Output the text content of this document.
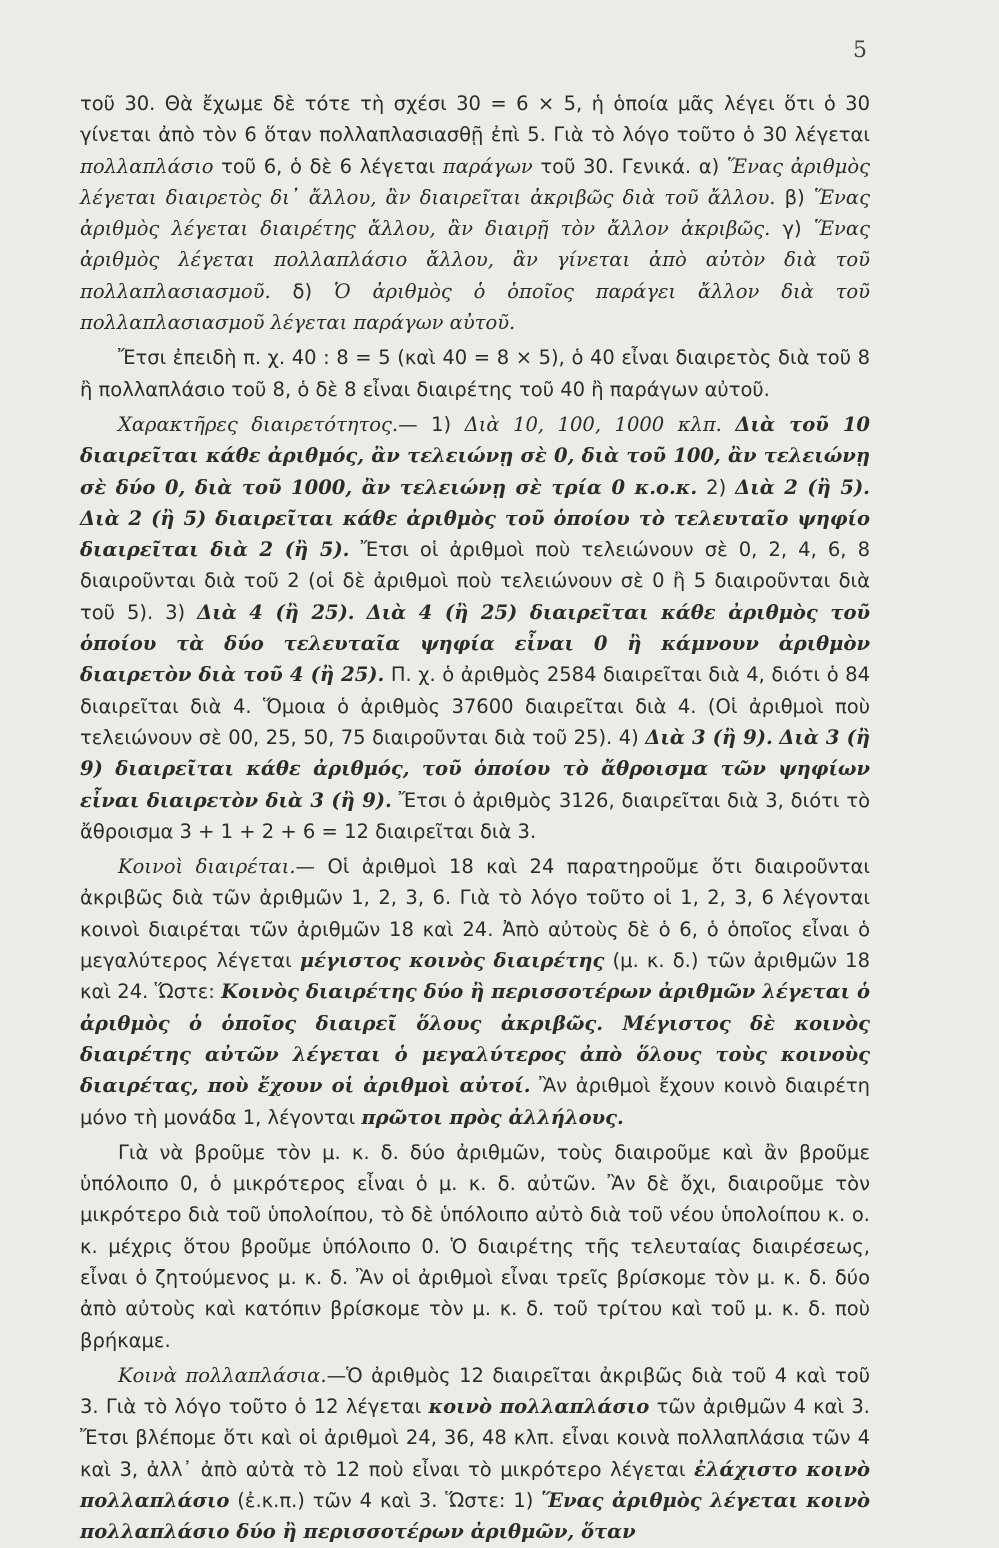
5

τοῦ 30. Θὰ ἔχωμε δὲ τότε τὴ σχέσι 30 = 6 × 5, ἡ ὁποία μᾶς λέγει ὅτι ὁ 30 γίνεται ἀπὸ τὸν 6 ὅταν πολλαπλασιασθῇ ἐπὶ 5. Γιὰ τὸ λόγο τοῦτο ὁ 30 λέγεται πολλαπλάσιο τοῦ 6, ὁ δὲ 6 λέγεται παράγων τοῦ 30. Γενικά. α) Ἕνας ἀριθμὸς λέγεται διαιρετὸς δι᾽ ἄλλου, ἂν διαιρεῖται ἀκριβῶς διὰ τοῦ ἄλλου. β) Ἕνας ἀριθμὸς λέγεται διαιρέτης ἄλλου, ἂν διαιρῇ τὸν ἄλλον ἀκριβῶς. γ) Ἕνας ἀριθμὸς λέγεται πολλαπλάσιο ἄλλου, ἂν γίνεται ἀπὸ αὐτὸν διὰ τοῦ πολλαπλασιασμοῦ. δ) Ὁ ἀριθμὸς ὁ ὁποῖος παράγει ἄλλον διὰ τοῦ πολλαπλασιασμοῦ λέγεται παράγων αὐτοῦ.

Ἔτσι ἐπειδὴ π. χ. 40 : 8 = 5 (καὶ 40 = 8 × 5), ὁ 40 εἶναι διαιρετὸς διὰ τοῦ 8 ἢ πολλαπλάσιο τοῦ 8, ὁ δὲ 8 εἶναι διαιρέτης τοῦ 40 ἢ παράγων αὐτοῦ.

Χαρακτῆρες διαιρετότητος.— 1) Διὰ 10, 100, 1000 κλπ. Διὰ τοῦ 10 διαιρεῖται κάθε ἀριθμός, ἂν τελειώνῃ σὲ 0, διὰ τοῦ 100, ἂν τελειώνῃ σὲ δύο 0, διὰ τοῦ 1000, ἂν τελειώνῃ σὲ τρία 0 κ.ο.κ. 2) Διὰ 2 (ἢ 5). Διὰ 2 (ἢ 5) διαιρεῖται κάθε ἀριθμὸς τοῦ ὁποίου τὸ τελευταῖο ψηφίο διαιρεῖται διὰ 2 (ἢ 5). Ἔτσι οἱ ἀριθμοὶ ποὺ τελειώνουν σὲ 0, 2, 4, 6, 8 διαιροῦνται διὰ τοῦ 2 (οἱ δὲ ἀριθμοὶ ποὺ τελειώνουν σὲ 0 ἢ 5 διαιροῦνται διὰ τοῦ 5). 3) Διὰ 4 (ἢ 25). Διὰ 4 (ἢ 25) διαιρεῖται κάθε ἀριθμὸς τοῦ ὁποίου τὰ δύο τελευταῖα ψηφία εἶναι 0 ἢ κάμνουν ἀριθμὸν διαιρετὸν διὰ τοῦ 4 (ἢ 25). Π. χ. ὁ ἀριθμὸς 2584 διαιρεῖται διὰ 4, διότι ὁ 84 διαιρεῖται διὰ 4. Ὅμοια ὁ ἀριθμὸς 37600 διαιρεῖται διὰ 4. (Οἱ ἀριθμοὶ ποὺ τελειώνουν σὲ 00, 25, 50, 75 διαιροῦνται διὰ τοῦ 25). 4) Διὰ 3 (ἢ 9). Διὰ 3 (ἢ 9) διαιρεῖται κάθε ἀριθμός, τοῦ ὁποίου τὸ ἄθροισμα τῶν ψηφίων εἶναι διαιρετὸν διὰ 3 (ἢ 9). Ἔτσι ὁ ἀριθμὸς 3126, διαιρεῖται διὰ 3, διότι τὸ ἄθροισμα 3 + 1 + 2 + 6 = 12 διαιρεῖται διὰ 3.

Κοινοὶ διαιρέται.— Οἱ ἀριθμοὶ 18 καὶ 24 παρατηροῦμε ὅτι διαιροῦνται ἀκριβῶς διὰ τῶν ἀριθμῶν 1, 2, 3, 6. Γιὰ τὸ λόγο τοῦτο οἱ 1, 2, 3, 6 λέγονται κοινοὶ διαιρέται τῶν ἀριθμῶν 18 καὶ 24. Ἀπὸ αὐτοὺς δὲ ὁ 6, ὁ ὁποῖος εἶναι ὁ μεγαλύτερος λέγεται μέγιστος κοινὸς διαιρέτης (μ. κ. δ.) τῶν ἀριθμῶν 18 καὶ 24. Ὥστε: Κοινὸς διαιρέτης δύο ἢ περισσοτέρων ἀριθμῶν λέγεται ὁ ἀριθμὸς ὁ ὁποῖος διαιρεῖ ὅλους ἀκριβῶς. Μέγιστος δὲ κοινὸς διαιρέτης αὐτῶν λέγεται ὁ μεγαλύτερος ἀπὸ ὅλους τοὺς κοινοὺς διαιρέτας, ποὺ ἔχουν οἱ ἀριθμοὶ αὐτοί. Ἂν ἀριθμοὶ ἔχουν κοινὸ διαιρέτη μόνο τὴ μονάδα 1, λέγονται πρῶτοι πρὸς ἀλλήλους.

Γιὰ νὰ βροῦμε τὸν μ. κ. δ. δύο ἀριθμῶν, τοὺς διαιροῦμε καὶ ἂν βροῦμε ὑπόλοιπο 0, ὁ μικρότερος εἶναι ὁ μ. κ. δ. αὐτῶν. Ἂν δὲ ὄχι, διαιροῦμε τὸν μικρότερο διὰ τοῦ ὑπολοίπου, τὸ δὲ ὑπόλοιπο αὐτὸ διὰ τοῦ νέου ὑπολοίπου κ. ο. κ. μέχρις ὅτου βροῦμε ὑπόλοιπο 0. Ὁ διαιρέτης τῆς τελευταίας διαιρέσεως, εἶναι ὁ ζητούμενος μ. κ. δ. Ἂν οἱ ἀριθμοὶ εἶναι τρεῖς βρίσκομε τὸν μ. κ. δ. δύο ἀπὸ αὐτοὺς καὶ κατόπιν βρίσκομε τὸν μ. κ. δ. τοῦ τρίτου καὶ τοῦ μ. κ. δ. ποὺ βρήκαμε.

Κοινὰ πολλαπλάσια.—Ὁ ἀριθμὸς 12 διαιρεῖται ἀκριβῶς διὰ τοῦ 4 καὶ τοῦ 3. Γιὰ τὸ λόγο τοῦτο ὁ 12 λέγεται κοινὸ πολλαπλάσιο τῶν ἀριθμῶν 4 καὶ 3. Ἔτσι βλέπομε ὅτι καὶ οἱ ἀριθμοὶ 24, 36, 48 κλπ. εἶναι κοινὰ πολλαπλάσια τῶν 4 καὶ 3, ἀλλ᾽ ἀπὸ αὐτὰ τὸ 12 ποὺ εἶναι τὸ μικρότερο λέγεται ἐλάχιστο κοινὸ πολλαπλάσιο (ἐ.κ.π.) τῶν 4 καὶ 3. Ὥστε: 1) Ἕνας ἀριθμὸς λέγεται κοινὸ πολλαπλάσιο δύο ἢ περισσοτέρων ἀριθμῶν, ὅταν
